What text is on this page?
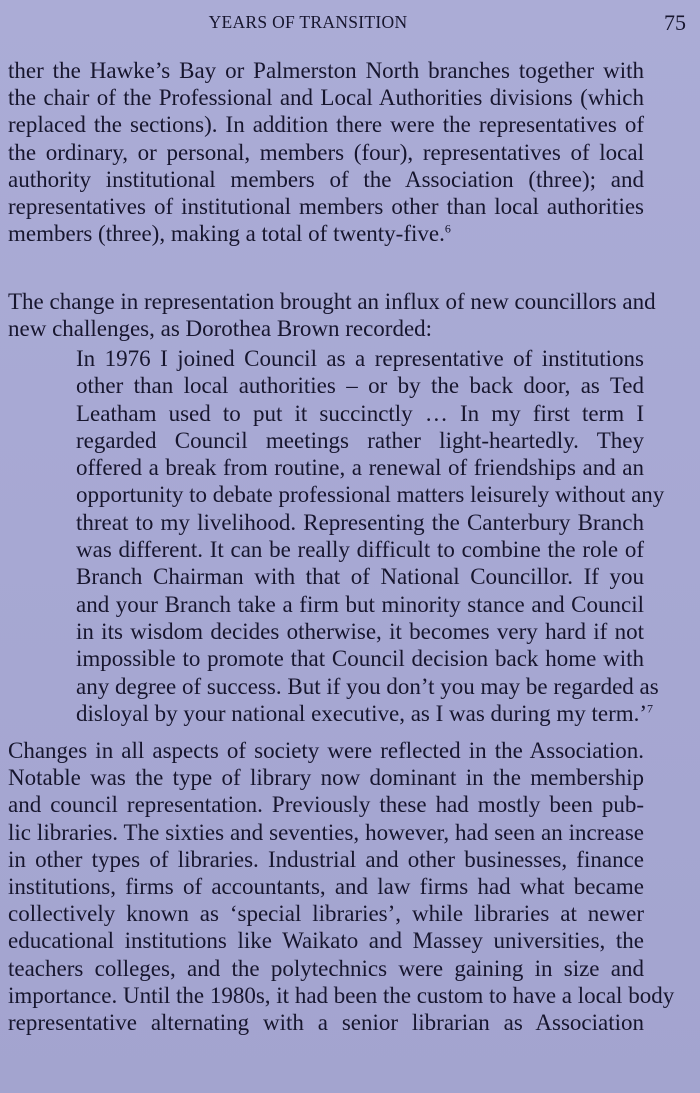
YEARS OF TRANSITION	75
ther the Hawke’s Bay or Palmerston North branches together with
the chair of the Professional and Local Authorities divisions (which
replaced the sections). In addition there were the representatives of
the ordinary, or personal, members (four), representatives of local
authority institutional members of the Association (three); and
representatives of institutional members other than local authorities
members (three), making a total of twenty-five.$^6$
The change in representation brought an influx of new councillors and
new challenges, as Dorothea Brown recorded:
In 1976 I joined Council as a representative of institutions
other than local authorities – or by the back door, as Ted
Leatham used to put it succinctly … In my first term I
regarded Council meetings rather light-heartedly. They
offered a break from routine, a renewal of friendships and an
opportunity to debate professional matters leisurely without any
threat to my livelihood. Representing the Canterbury Branch
was different. It can be really difficult to combine the role of
Branch Chairman with that of National Councillor. If you
and your Branch take a firm but minority stance and Council
in its wisdom decides otherwise, it becomes very hard if not
impossible to promote that Council decision back home with
any degree of success. But if you don’t you may be regarded as
disloyal by your national executive, as I was during my term.’$^7$
Changes in all aspects of society were reflected in the Association.
Notable was the type of library now dominant in the membership
and council representation. Previously these had mostly been pub-
lic libraries. The sixties and seventies, however, had seen an increase
in other types of libraries. Industrial and other businesses, finance
institutions, firms of accountants, and law firms had what became
collectively known as ‘special libraries’, while libraries at newer
educational institutions like Waikato and Massey universities, the
teachers colleges, and the polytechnics were gaining in size and
importance. Until the 1980s, it had been the custom to have a local body
representative alternating with a senior librarian as Association
